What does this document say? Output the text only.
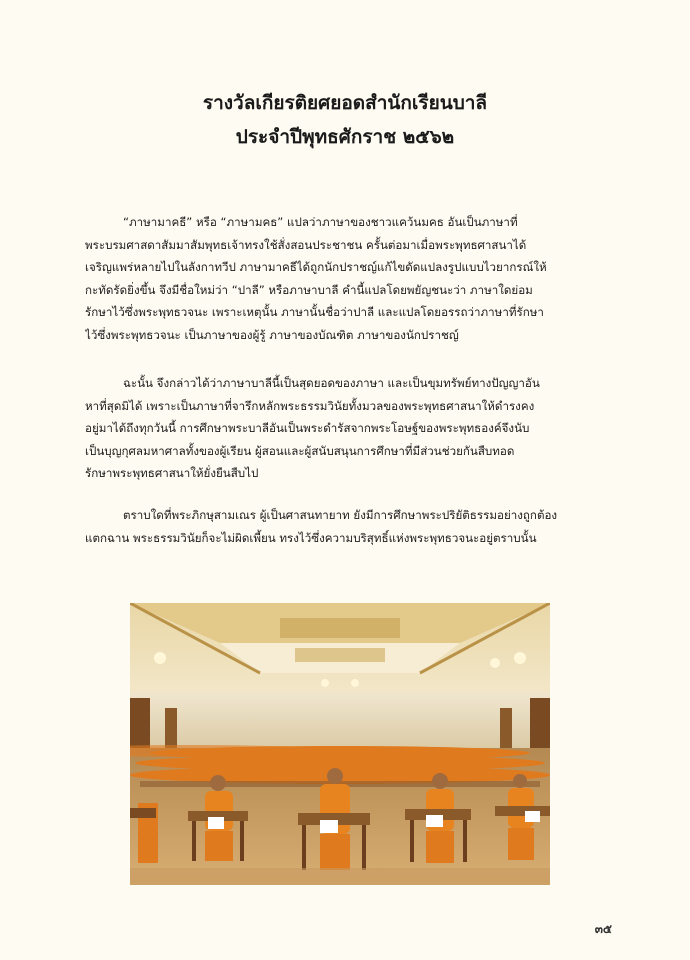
รางวัลเกียรติยศยอดสำนักเรียนบาลี
ประจำปีพุทธศักราช ๒๕๖๒
“ภาษามาคธี” หรือ “ภาษามคธ” แปลว่าภาษาของชาวแคว้นมคธ อันเป็นภาษาที่
พระบรมศาสดาสัมมาสัมพุทธเจ้าทรงใช้สั่งสอนประชาชน ครั้นต่อมาเมื่อพระพุทธศาสนาได้
เจริญแพร่หลายไปในลังกาทวีป ภาษามาคธีได้ถูกนักปราชญ์แก้ไขดัดแปลงรูปแบบไวยากรณ์ให้
กะทัดรัดยิ่งขึ้น จึงมีชื่อใหม่ว่า “ปาลี” หรือภาษาบาลี คำนี้แปลโดยพยัญชนะว่า ภาษาใดย่อม
รักษาไว้ซึ่งพระพุทธวจนะ เพราะเหตุนั้น ภาษานั้นชื่อว่าปาลี และแปลโดยอรรถว่าภาษาที่รักษา
ไว้ซึ่งพระพุทธวจนะ เป็นภาษาของผู้รู้ ภาษาของบัณฑิต ภาษาของนักปราชญ์
ฉะนั้น จึงกล่าวได้ว่าภาษาบาลีนี้เป็นสุดยอดของภาษา และเป็นขุมทรัพย์ทางปัญญาอัน
หาที่สุดมิได้ เพราะเป็นภาษาที่จารึกหลักพระธรรมวินัยทั้งมวลของพระพุทธศาสนาให้ดำรงคง
อยู่มาได้ถึงทุกวันนี้ การศึกษาพระบาลีอันเป็นพระดำรัสจากพระโอษฐ์ของพระพุทธองค์จึงนับ
เป็นบุญกุศลมหาศาลทั้งของผู้เรียน ผู้สอนและผู้สนับสนุนการศึกษาที่มีส่วนช่วยกันสืบทอด
รักษาพระพุทธศาสนาให้ยั่งยืนสืบไป
ตราบใดที่พระภิกษุสามเณร ผู้เป็นศาสนทายาท ยังมีการศึกษาพระปริยัติธรรมอย่างถูกต้อง
แตกฉาน พระธรรมวินัยก็จะไม่ผิดเพี้ยน ทรงไว้ซึ่งความบริสุทธิ์แห่งพระพุทธวจนะอยู่ตราบนั้น
๓๕
